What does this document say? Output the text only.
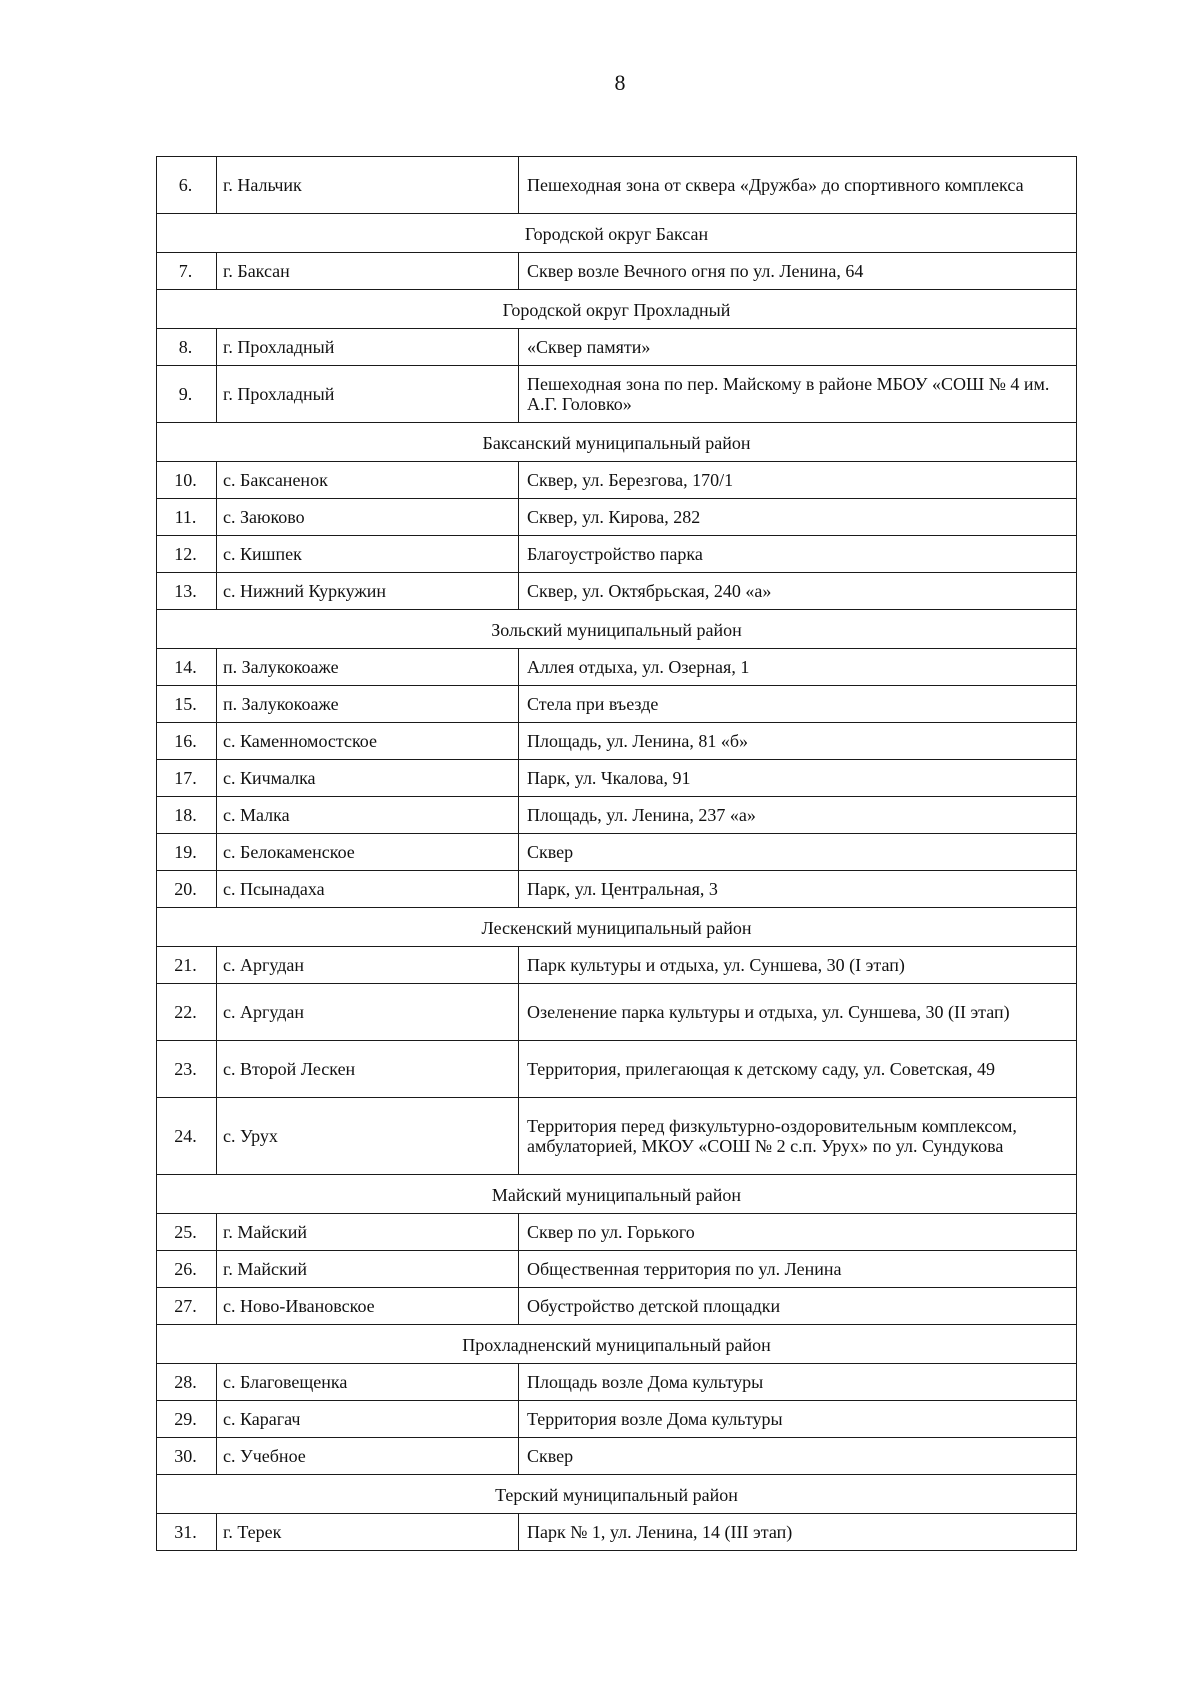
8
6.	г. Нальчик	Пешеходная зона от сквера «Дружба» до спортивного комплекса
Городской округ Баксан		
7.	г. Баксан	Сквер возле Вечного огня по ул. Ленина, 64
Городской округ Прохладный		
8.	г. Прохладный	«Сквер памяти»
9.	г. Прохладный	Пешеходная зона по пер. Майскому в районе МБОУ «СОШ № 4 им. А.Г. Головко»
Баксанский муниципальный район		
10.	с. Баксаненок	Сквер, ул. Березгова, 170/1
11.	с. Заюково	Сквер, ул. Кирова, 282
12.	с. Кишпек	Благоустройство парка
13.	с. Нижний Куркужин	Сквер, ул. Октябрьская, 240 «а»
Зольский муниципальный район		
14.	п. Залукокоаже	Аллея отдыха, ул. Озерная, 1
15.	п. Залукокоаже	Стела при въезде
16.	с. Каменномостское	Площадь, ул. Ленина, 81 «б»
17.	с. Кичмалка	Парк, ул. Чкалова, 91
18.	с. Малка	Площадь, ул. Ленина, 237 «а»
19.	с. Белокаменское	Сквер
20.	с. Псынадаха	Парк, ул. Центральная, 3
Лескенский муниципальный район		
21.	с. Аргудан	Парк культуры и отдыха, ул. Суншева, 30 (I этап)
22.	с. Аргудан	Озеленение парка культуры и отдыха, ул. Суншева, 30 (II этап)
23.	с. Второй Лескен	Территория, прилегающая к детскому саду, ул. Советская, 49
24.	с. Урух	Территория перед физкультурно-оздоровительным комплексом, амбулаторией, МКОУ «СОШ № 2 с.п. Урух» по ул. Сундукова
Майский муниципальный район		
25.	г. Майский	Сквер по ул. Горького
26.	г. Майский	Общественная территория по ул. Ленина
27.	с. Ново-Ивановское	Обустройство детской площадки
Прохладненский муниципальный район		
28.	с. Благовещенка	Площадь возле Дома культуры
29.	с. Карагач	Территория возле Дома культуры
30.	с. Учебное	Сквер
Терский муниципальный район		
31.	г. Терек	Парк № 1, ул. Ленина, 14 (III этап)
